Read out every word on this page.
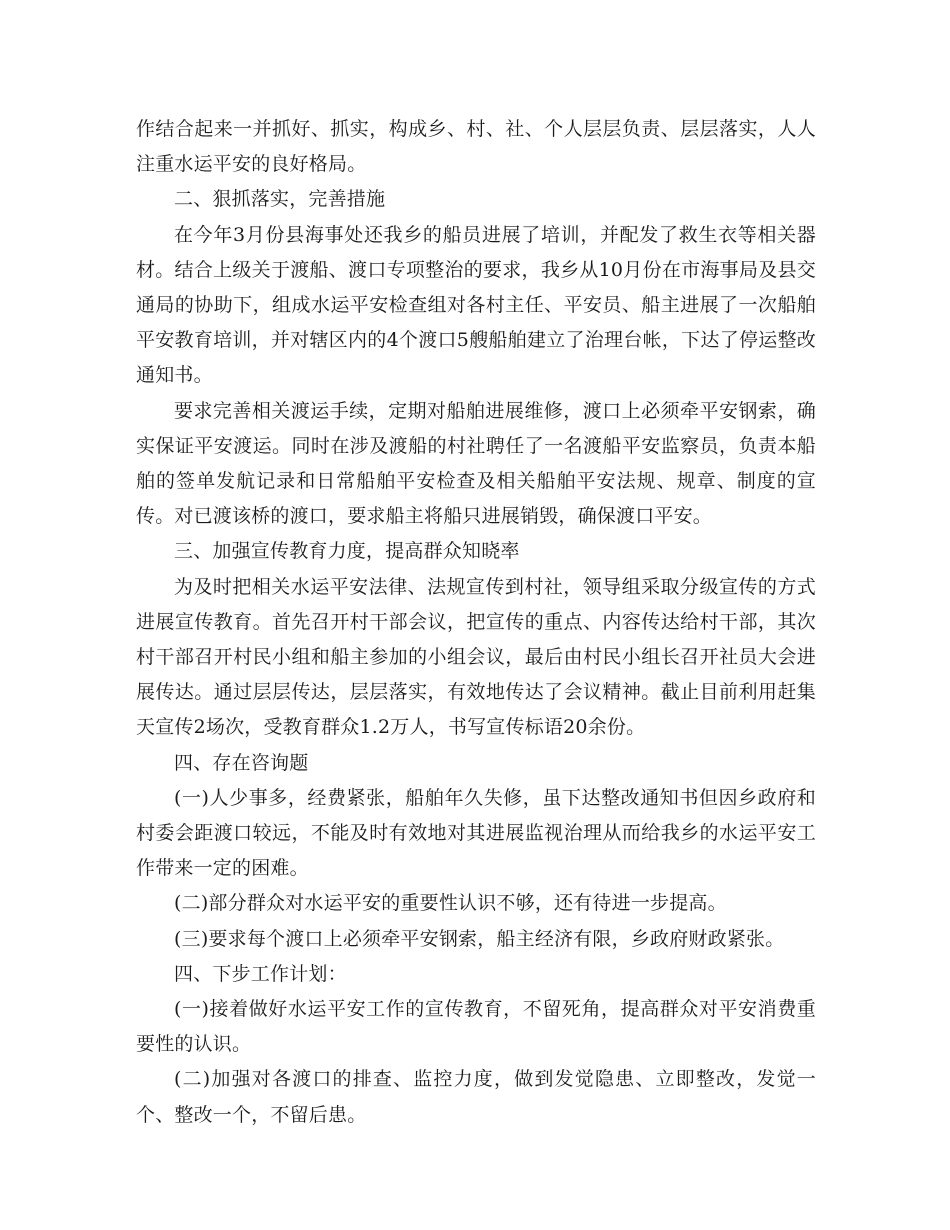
作结合起来一并抓好、抓实，构成乡、村、社、个人层层负责、层层落实，人人注重水运平安的良好格局。

二、狠抓落实，完善措施

在今年3月份县海事处还我乡的船员进展了培训，并配发了救生衣等相关器材。结合上级关于渡船、渡口专项整治的要求，我乡从10月份在市海事局及县交通局的协助下，组成水运平安检查组对各村主任、平安员、船主进展了一次船舶平安教育培训，并对辖区内的4个渡口5艘船舶建立了治理台帐，下达了停运整改通知书。

要求完善相关渡运手续，定期对船舶进展维修，渡口上必须牵平安钢索，确实保证平安渡运。同时在涉及渡船的村社聘任了一名渡船平安监察员，负责本船舶的签单发航记录和日常船舶平安检查及相关船舶平安法规、规章、制度的宣传。对已渡该桥的渡口，要求船主将船只进展销毁，确保渡口平安。

三、加强宣传教育力度，提高群众知晓率

为及时把相关水运平安法律、法规宣传到村社，领导组采取分级宣传的方式进展宣传教育。首先召开村干部会议，把宣传的重点、内容传达给村干部，其次村干部召开村民小组和船主参加的小组会议，最后由村民小组长召开社员大会进展传达。通过层层传达，层层落实，有效地传达了会议精神。截止目前利用赶集天宣传2场次，受教育群众1.2万人，书写宣传标语20余份。

四、存在咨询题

(一)人少事多，经费紧张，船舶年久失修，虽下达整改通知书但因乡政府和村委会距渡口较远，不能及时有效地对其进展监视治理从而给我乡的水运平安工作带来一定的困难。

(二)部分群众对水运平安的重要性认识不够，还有待进一步提高。

(三)要求每个渡口上必须牵平安钢索，船主经济有限，乡政府财政紧张。

四、下步工作计划：

(一)接着做好水运平安工作的宣传教育，不留死角，提高群众对平安消费重要性的认识。

(二)加强对各渡口的排查、监控力度，做到发觉隐患、立即整改，发觉一个、整改一个，不留后患。
